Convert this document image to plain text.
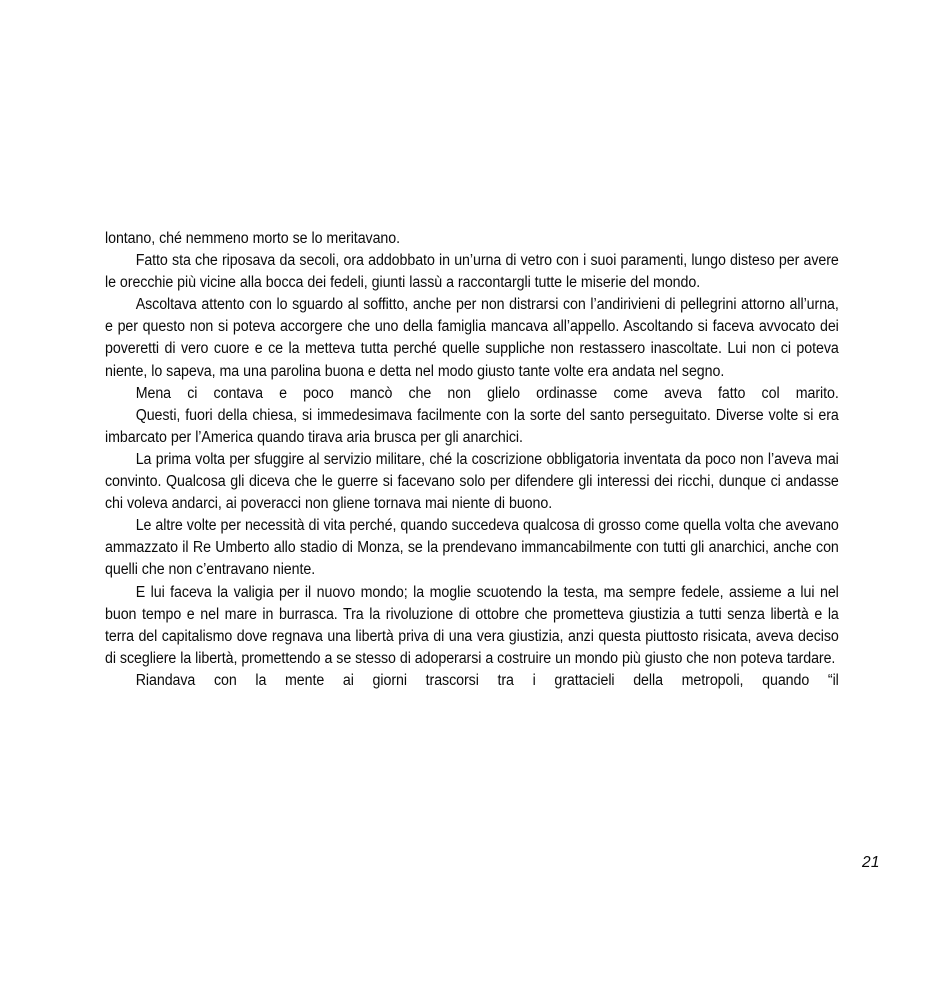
lontano, ché nemmeno morto se lo meritavano.

Fatto sta che riposava da secoli, ora addobbato in un’urna di vetro con i suoi paramenti, lungo disteso per avere le orecchie più vicine alla bocca dei fedeli, giunti lassù a raccontargli tutte le miserie del mondo.

Ascoltava attento con lo sguardo al soffitto, anche per non distrarsi con l’andirivieni di pellegrini attorno all’urna, e per questo non si poteva accorgere che uno della famiglia mancava all’appello. Ascoltando si faceva avvocato dei poveretti di vero cuore e ce la metteva tutta perché quelle suppliche non restassero inascoltate. Lui non ci poteva niente, lo sapeva, ma una parolina buona e detta nel modo giusto tante volte era andata nel segno.

Mena ci contava e poco mancò che non glielo ordinasse come aveva fatto col marito.

Questi, fuori della chiesa, si immedesimava facilmente con la sorte del santo perseguitato. Diverse volte si era imbarcato per l’America quando tirava aria brusca per gli anarchici.

La prima volta per sfuggire al servizio militare, ché la coscrizione obbligatoria inventata da poco non l’aveva mai convinto. Qualcosa gli diceva che le guerre si facevano solo per difendere gli interessi dei ricchi, dunque ci andasse chi voleva andarci, ai poveracci non gliene tornava mai niente di buono.

Le altre volte per necessità di vita perché, quando succedeva qualcosa di grosso come quella volta che avevano ammazzato il Re Umberto allo stadio di Monza, se la prendevano immancabilmente con tutti gli anarchici, anche con quelli che non c’entravano niente.

E lui faceva la valigia per il nuovo mondo; la moglie scuotendo la testa, ma sempre fedele, assieme a lui nel buon tempo e nel mare in burrasca. Tra la rivoluzione di ottobre che prometteva giustizia a tutti senza libertà e la terra del capitalismo dove regnava una libertà priva di una vera giustizia, anzi questa piuttosto risicata, aveva deciso di scegliere la libertà, promettendo a se stesso di adoperarsi a costruire un mondo più giusto che non poteva tardare.

Riandava con la mente ai giorni trascorsi tra i grattacieli della metropoli, quando “il

21
